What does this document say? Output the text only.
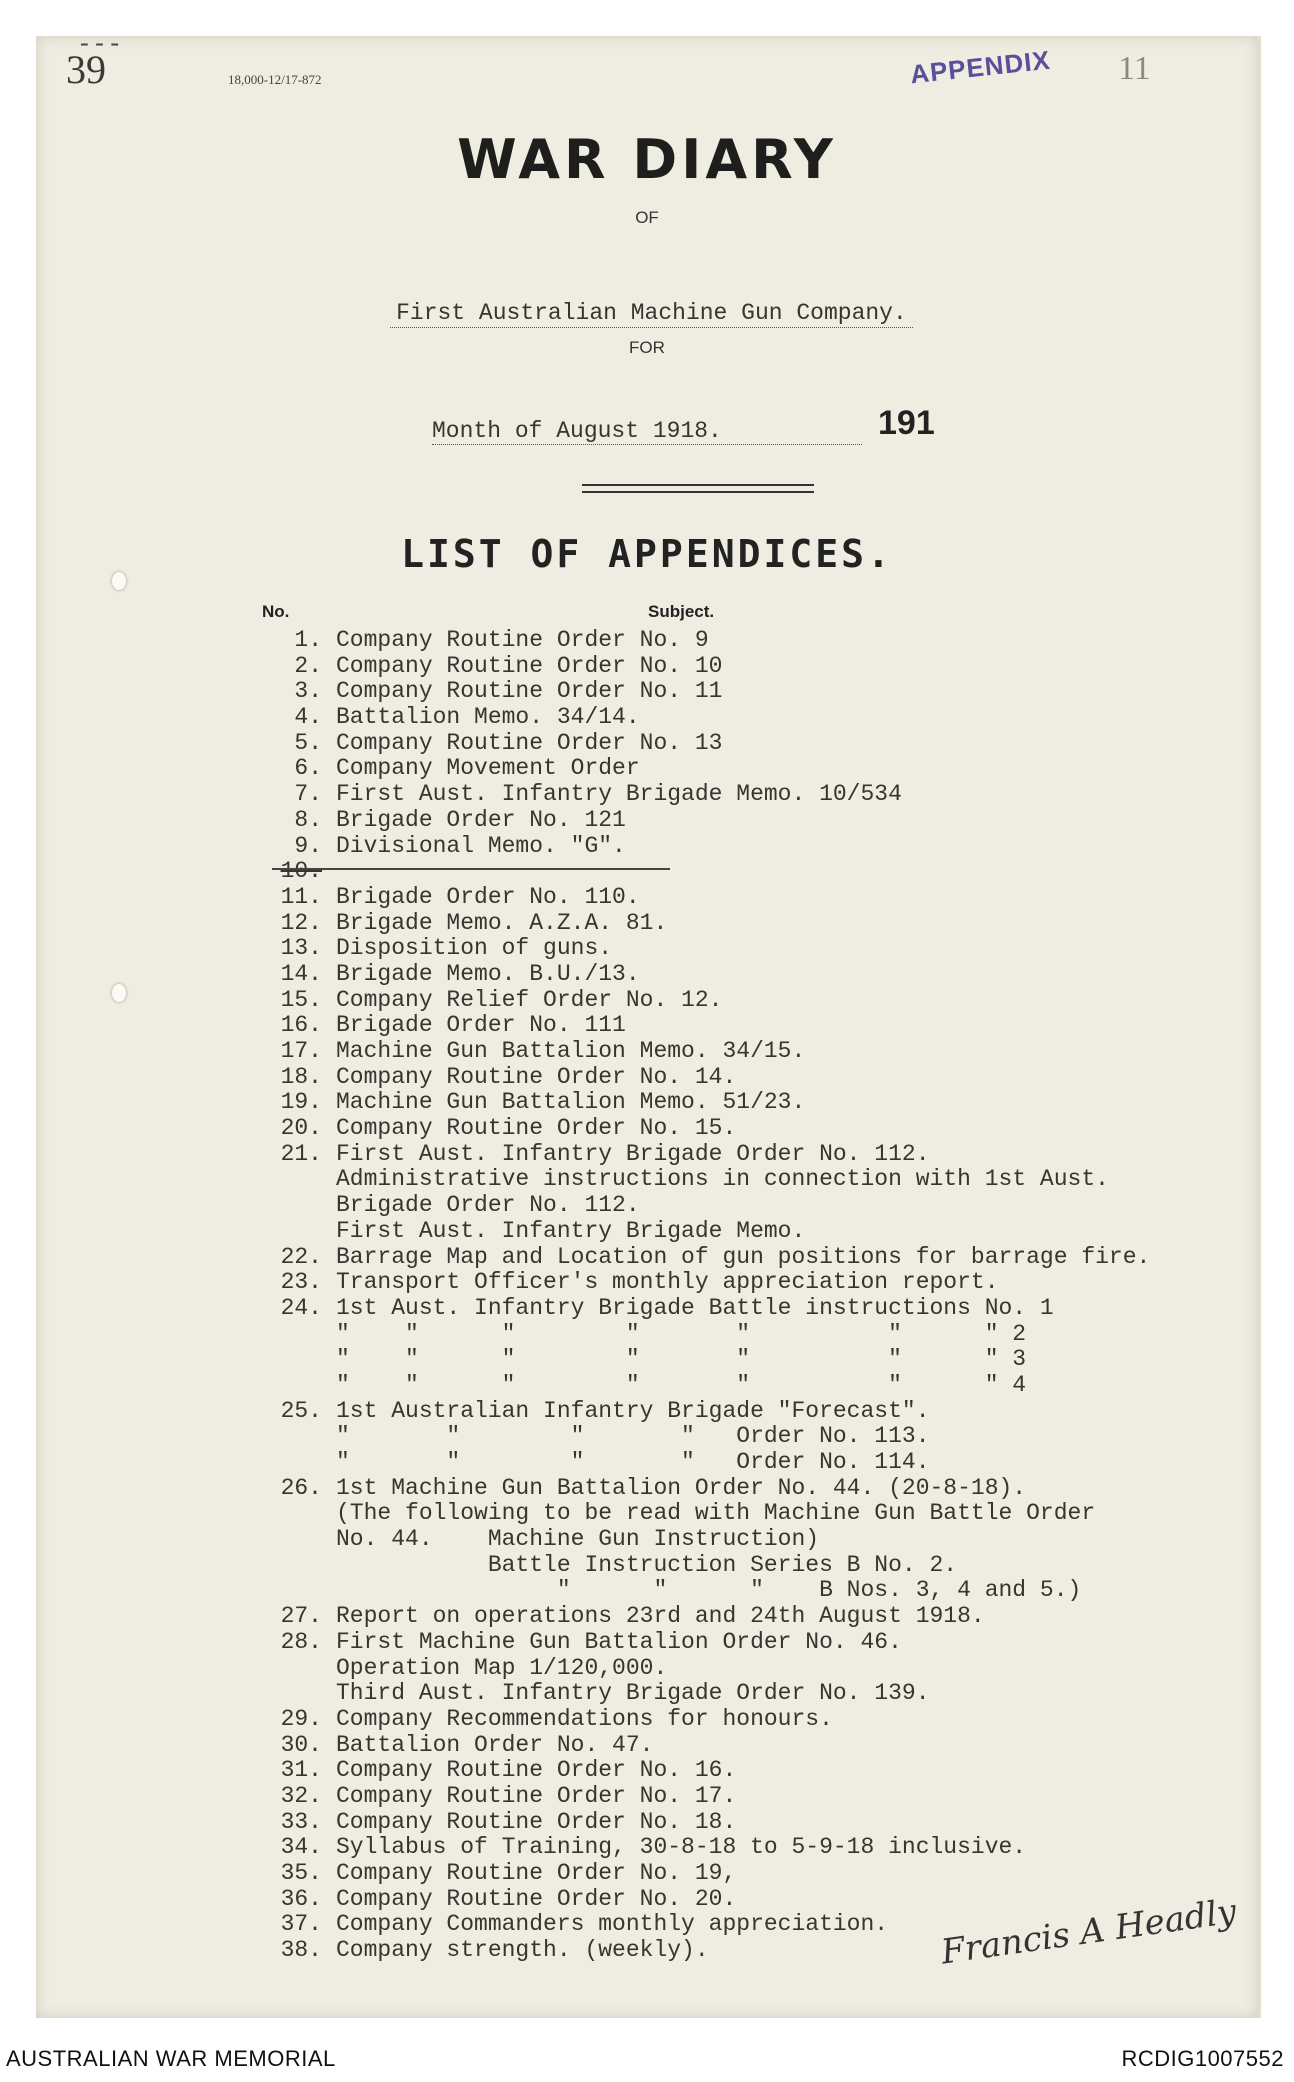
- - -
39	18,000-12/17-872	APPENDIX 11
WAR DIARY
OF

First Australian Machine Gun Company.

FOR
Month of August 1918.	191
LIST OF APPENDICES.
No.	Subject.
1. Company Routine Order No. 9
2. Company Routine Order No. 10
3. Company Routine Order No. 11
4. Battalion Memo. 34/14.
5. Company Routine Order No. 13
6. Company Movement Order
7. First Aust. Infantry Brigade Memo. 10/534
8. Brigade Order No. 121
9. Divisional Memo. "G".
10.
11. Brigade Order No. 110.
12. Brigade Memo. A.Z.A. 81.
13. Disposition of guns.
14. Brigade Memo. B.U./13.
15. Company Relief Order No. 12.
16. Brigade Order No. 111
17. Machine Gun Battalion Memo. 34/15.
18. Company Routine Order No. 14.
19. Machine Gun Battalion Memo. 51/23.
20. Company Routine Order No. 15.
21. First Aust. Infantry Brigade Order No. 112.
Administrative instructions in connection with 1st Aust.
Brigade Order No. 112.
First Aust. Infantry Brigade Memo.
22. Barrage Map and Location of gun positions for barrage fire.
23. Transport Officer's monthly appreciation report.
24. 1st Aust. Infantry Brigade Battle instructions No. 1
"    "      "        "       "          "      " 2
"    "      "        "       "          "      " 3
"    "      "        "       "          "      " 4
25. 1st Australian Infantry Brigade "Forecast".
"       "        "       "   Order No. 113.
"       "        "       "   Order No. 114.
26. 1st Machine Gun Battalion Order No. 44. (20-8-18).
(The following to be read with Machine Gun Battle Order
No. 44.    Machine Gun Instruction)
Battle Instruction Series B No. 2.
"      "      "    B Nos. 3, 4 and 5.)
27. Report on operations 23rd and 24th August 1918.
28. First Machine Gun Battalion Order No. 46.
Operation Map 1/120,000.
Third Aust. Infantry Brigade Order No. 139.
29. Company Recommendations for honours.
30. Battalion Order No. 47.
31. Company Routine Order No. 16.
32. Company Routine Order No. 17.
33. Company Routine Order No. 18.
34. Syllabus of Training, 30-8-18 to 5-9-18 inclusive.
35. Company Routine Order No. 19,
36. Company Routine Order No. 20.
37. Company Commanders monthly appreciation.
38. Company strength. (weekly).	Francis A Headly
AUSTRALIAN WAR MEMORIAL	RCDIG1007552
